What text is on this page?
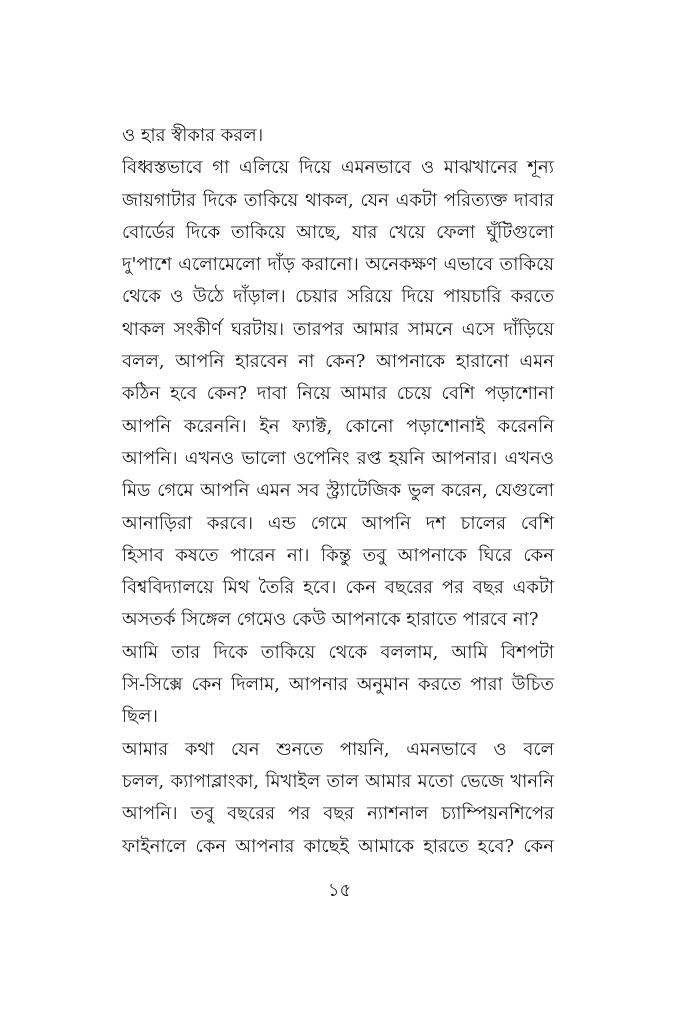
ও হার স্বীকার করল।

বিধ্বস্তভাবে গা এলিয়ে দিয়ে এমনভাবে ও মাঝখানের শূন্য
জায়গাটার দিকে তাকিয়ে থাকল, যেন একটা পরিত্যক্ত দাবার
বোর্ডের দিকে তাকিয়ে আছে, যার খেয়ে ফেলা ঘুঁটিগুলো
দু'পাশে এলোমেলো দাঁড় করানো। অনেকক্ষণ এভাবে তাকিয়ে
থেকে ও উঠে দাঁড়াল। চেয়ার সরিয়ে দিয়ে পায়চারি করতে
থাকল সংকীর্ণ ঘরটায়। তারপর আমার সামনে এসে দাঁড়িয়ে
বলল, আপনি হারবেন না কেন? আপনাকে হারানো এমন
কঠিন হবে কেন? দাবা নিয়ে আমার চেয়ে বেশি পড়াশোনা
আপনি করেননি। ইন ফ্যাক্ট, কোনো পড়াশোনাই করেননি
আপনি। এখনও ভালো ওপেনিং রপ্ত হয়নি আপনার। এখনও
মিড গেমে আপনি এমন সব স্ট্র্যাটেজিক ভুল করেন, যেগুলো
আনাড়িরা করবে। এন্ড গেমে আপনি দশ চালের বেশি
হিসাব কষতে পারেন না। কিন্তু তবু আপনাকে ঘিরে কেন
বিশ্ববিদ্যালয়ে মিথ তৈরি হবে। কেন বছরের পর বছর একটা
অসতর্ক সিঙ্গেল গেমেও কেউ আপনাকে হারাতে পারবে না?

আমি তার দিকে তাকিয়ে থেকে বললাম, আমি বিশপটা
সি-সিক্সে কেন দিলাম, আপনার অনুমান করতে পারা উচিত
ছিল।

আমার কথা যেন শুনতে পায়নি, এমনভাবে ও বলে
চলল, ক্যাপাব্লাংকা, মিখাইল তাল আমার মতো ভেজে খাননি
আপনি। তবু বছরের পর বছর ন্যাশনাল চ্যাম্পিয়নশিপের
ফাইনালে কেন আপনার কাছেই আমাকে হারতে হবে? কেন

১৫
